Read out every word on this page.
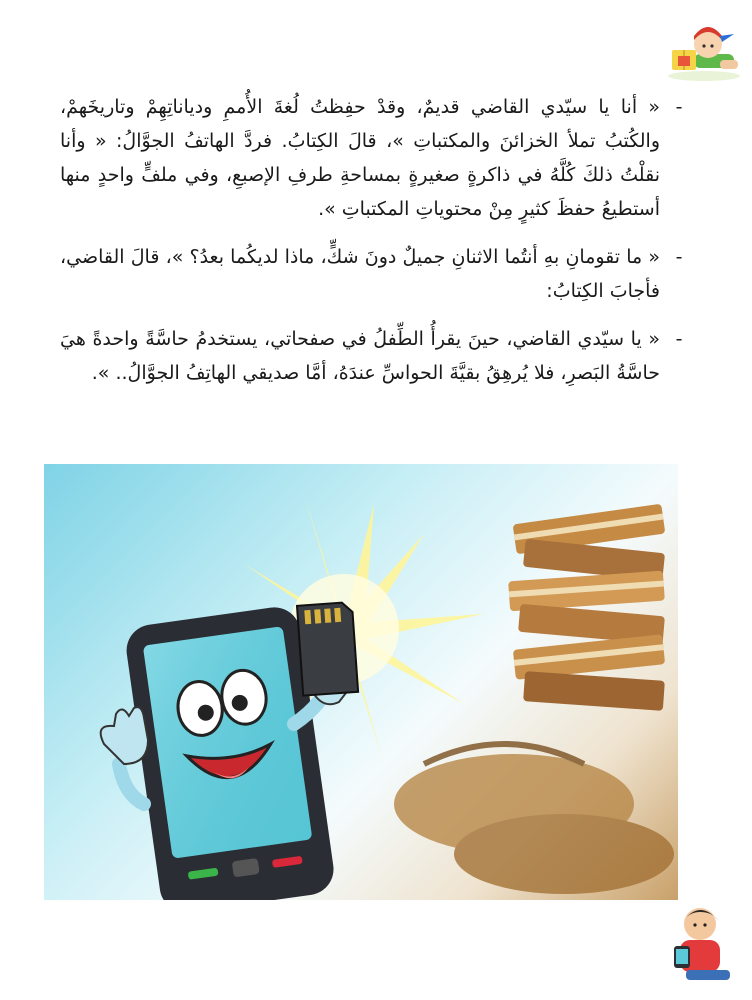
-
« أنا يا سيّدي القاضي قديمٌ، وقدْ حفِظتُ لُغةَ الأُممِ ودياناتِهِمْ وتاريخَهمْ، والكُتبُ تملأ الخزائنَ والمكتباتِ »، قالَ الكِتابُ. فردَّ الهاتفُ الجوَّالُ: « وأنا نقلْتُ ذلكَ كُلَّهُ في ذاكرةٍ صغيرةٍ بمساحةِ طرفِ الإصبعِ، وفي ملفٍّ واحدٍ منها أستطيعُ حفظَ كثيرٍ مِنْ محتوياتِ المكتباتِ ».

-
« ما تقومانِ بهِ أنتُما الاثنانِ جميلٌ دونَ شكٍّ، ماذا لديكُما بعدُ؟ »، قالَ القاضي، فأجابَ الكِتابُ:

-
« يا سيّدي القاضي، حينَ يقرأُ الطِّفلُ في صفحاتي، يستخدمُ حاسَّةً واحدةً هيَ حاسَّةُ البَصرِ، فلا يُرهِقُ بقيَّةَ الحواسِّ عندَهُ، أمَّا صديقي الهاتِفُ الجوَّالُ.. ».
